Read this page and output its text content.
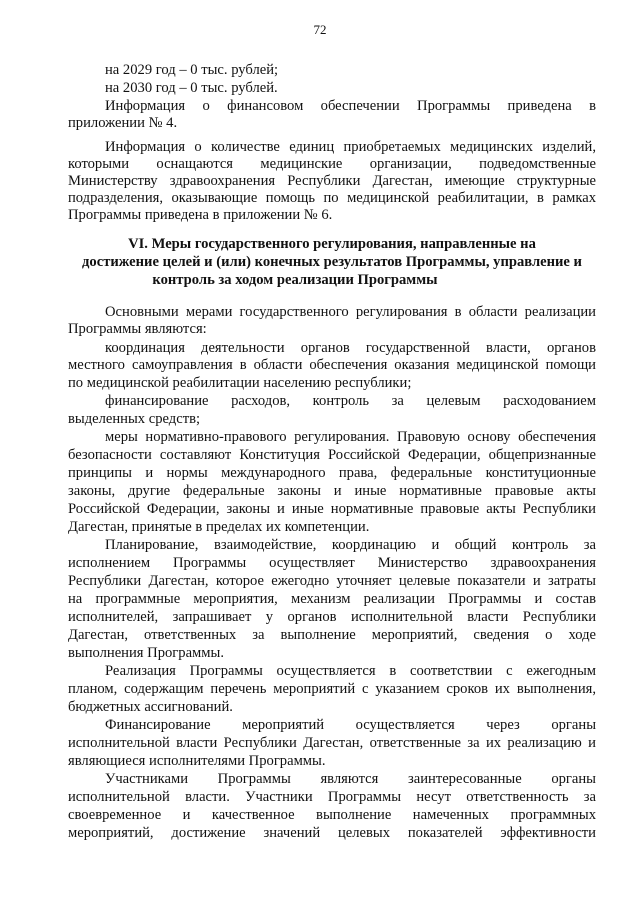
72
на 2029 год – 0 тыс. рублей;
на 2030 год – 0 тыс. рублей.
Информация о финансовом обеспечении Программы приведена в
приложении № 4.
Информация о количестве единиц приобретаемых медицинских изделий,
которыми оснащаются медицинские организации, подведомственные
Министерству здравоохранения Республики Дагестан, имеющие структурные
подразделения, оказывающие помощь по медицинской реабилитации, в рамках
Программы приведена в приложении № 6.
VI. Меры государственного регулирования, направленные на
достижение целей и (или) конечных результатов Программы, управление и
контроль за ходом реализации Программы
Основными мерами государственного регулирования в области реализации
Программы являются:
координация деятельности органов государственной власти, органов
местного самоуправления в области обеспечения оказания медицинской помощи
по медицинской реабилитации населению республики;
финансирование расходов, контроль за целевым расходованием
выделенных средств;
меры нормативно-правового регулирования. Правовую основу обеспечения
безопасности составляют Конституция Российской Федерации, общепризнанные
принципы и нормы международного права, федеральные конституционные
законы, другие федеральные законы и иные нормативные правовые акты
Российской Федерации, законы и иные нормативные правовые акты Республики
Дагестан, принятые в пределах их компетенции.
Планирование, взаимодействие, координацию и общий контроль за
исполнением Программы осуществляет Министерство здравоохранения
Республики Дагестан, которое ежегодно уточняет целевые показатели и затраты
на программные мероприятия, механизм реализации Программы и состав
исполнителей, запрашивает у органов исполнительной власти Республики
Дагестан, ответственных за выполнение мероприятий, сведения о ходе
выполнения Программы.
Реализация Программы осуществляется в соответствии с ежегодным
планом, содержащим перечень мероприятий с указанием сроков их выполнения,
бюджетных ассигнований.
Финансирование мероприятий осуществляется через органы
исполнительной власти Республики Дагестан, ответственные за их реализацию и
являющиеся исполнителями Программы.
Участниками Программы являются заинтересованные органы
исполнительной власти. Участники Программы несут ответственность за
своевременное и качественное выполнение намеченных программных
мероприятий, достижение значений целевых показателей эффективности
